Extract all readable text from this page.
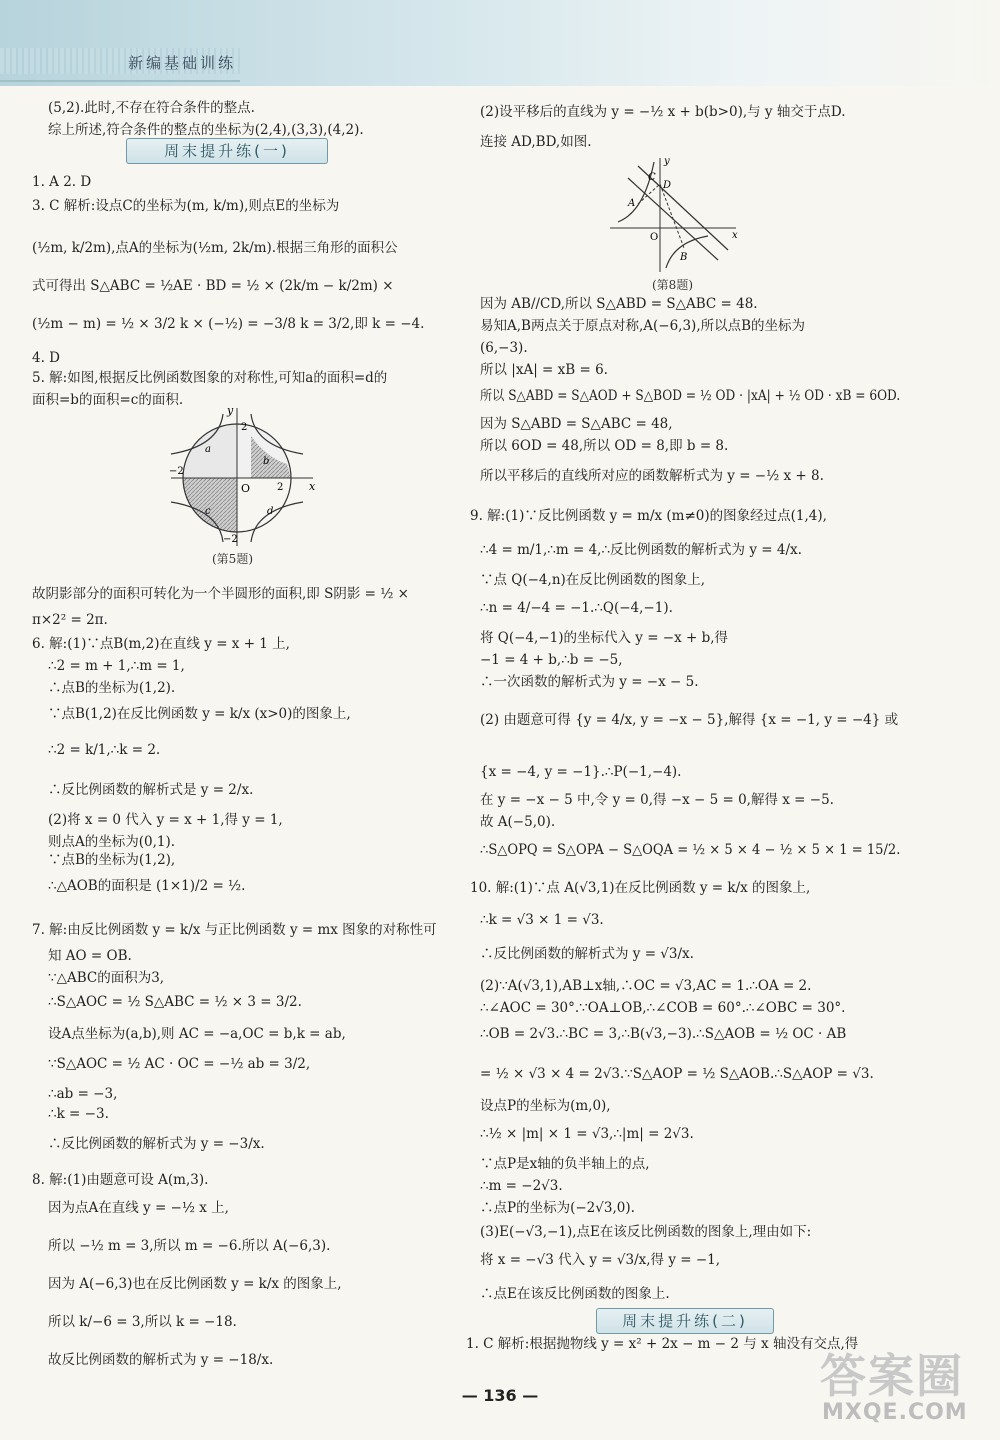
新编基础训练
周末提升练(一)
x
y
O
2
−2
2
−2
a
b
c	d
(第5题)
(5,2).此时,不存在符合条件的整点.
综上所述,符合条件的整点的坐标为(2,4),(3,3),(4,2).
1. A 2. D
3. C 解析:设点C的坐标为(m, k/m),则点E的坐标为
(½m, k/2m),点A的坐标为(½m, 2k/m).根据三角形的面积公
式可得出 S△ABC = ½AE · BD = ½ × (2k/m − k/2m) ×
(½m − m) = ½ × 3/2 k × (−½) = −3/8 k = 3/2,即 k = −4.
4. D
5. 解:如图,根据反比例函数图象的对称性,可知a的面积=d的
面积=b的面积=c的面积.
故阴影部分的面积可转化为一个半圆形的面积,即 S阴影 = ½ ×
π×2² = 2π.
6. 解:(1)∵点B(m,2)在直线 y = x + 1 上,
∴2 = m + 1,∴m = 1,
∴点B的坐标为(1,2).
∵点B(1,2)在反比例函数 y = k/x (x>0)的图象上,
∴2 = k/1,∴k = 2.
∴反比例函数的解析式是 y = 2/x.
(2)将 x = 0 代入 y = x + 1,得 y = 1,
则点A的坐标为(0,1).
∵点B的坐标为(1,2),
∴△AOB的面积是 (1×1)/2 = ½.
7. 解:由反比例函数 y = k/x 与正比例函数 y = mx 图象的对称性可
知 AO = OB.
∵△ABC的面积为3,
∴S△AOC = ½ S△ABC = ½ × 3 = 3/2.
设A点坐标为(a,b),则 AC = −a,OC = b,k = ab,
∵S△AOC = ½ AC · OC = −½ ab = 3/2,
∴ab = −3,
∴k = −3.
∴反比例函数的解析式为 y = −3/x.
8. 解:(1)由题意可设 A(m,3).
因为点A在直线 y = −½ x 上,
所以 −½ m = 3,所以 m = −6.所以 A(−6,3).
因为 A(−6,3)也在反比例函数 y = k/x 的图象上,
所以 k/−6 = 3,所以 k = −18.
故反比例函数的解析式为 y = −18/x.
x
y
O
C
D
A
B
(第8题)
周末提升练(二)
(2)设平移后的直线为 y = −½ x + b(b>0),与 y 轴交于点D.
连接 AD,BD,如图.
因为 AB//CD,所以 S△ABD = S△ABC = 48.
易知A,B两点关于原点对称,A(−6,3),所以点B的坐标为
(6,−3).
所以 |xA| = xB = 6.
所以 S△ABD = S△AOD + S△BOD = ½ OD · |xA| + ½ OD · xB = 6OD.
因为 S△ABD = S△ABC = 48,
所以 6OD = 48,所以 OD = 8,即 b = 8.
所以平移后的直线所对应的函数解析式为 y = −½ x + 8.
9. 解:(1)∵反比例函数 y = m/x (m≠0)的图象经过点(1,4),
∴4 = m/1,∴m = 4,∴反比例函数的解析式为 y = 4/x.
∵点 Q(−4,n)在反比例函数的图象上,
∴n = 4/−4 = −1.∴Q(−4,−1).
将 Q(−4,−1)的坐标代入 y = −x + b,得
−1 = 4 + b,∴b = −5,
∴一次函数的解析式为 y = −x − 5.
(2) 由题意可得 {y = 4/x, y = −x − 5},解得 {x = −1, y = −4} 或
{x = −4, y = −1}.∴P(−1,−4).
在 y = −x − 5 中,令 y = 0,得 −x − 5 = 0,解得 x = −5.
故 A(−5,0).
∴S△OPQ = S△OPA − S△OQA = ½ × 5 × 4 − ½ × 5 × 1 = 15/2.
10. 解:(1)∵点 A(√3,1)在反比例函数 y = k/x 的图象上,
∴k = √3 × 1 = √3.
∴反比例函数的解析式为 y = √3/x.
(2)∵A(√3,1),AB⊥x轴,∴OC = √3,AC = 1.∴OA = 2.
∴∠AOC = 30°.∵OA⊥OB,∴∠COB = 60°.∴∠OBC = 30°.
∴OB = 2√3.∴BC = 3,∴B(√3,−3).∴S△AOB = ½ OC · AB
= ½ × √3 × 4 = 2√3.∵S△AOP = ½ S△AOB.∴S△AOP = √3.
设点P的坐标为(m,0),
∴½ × |m| × 1 = √3,∴|m| = 2√3.
∵点P是x轴的负半轴上的点,
∴m = −2√3.
∴点P的坐标为(−2√3,0).
(3)E(−√3,−1),点E在该反比例函数的图象上,理由如下:
将 x = −√3 代入 y = √3/x,得 y = −1,
∴点E在该反比例函数的图象上.
1. C 解析:根据抛物线 y = x² + 2x − m − 2 与 x 轴没有交点,得
— 136 —	答案圈
MXQE.COM
